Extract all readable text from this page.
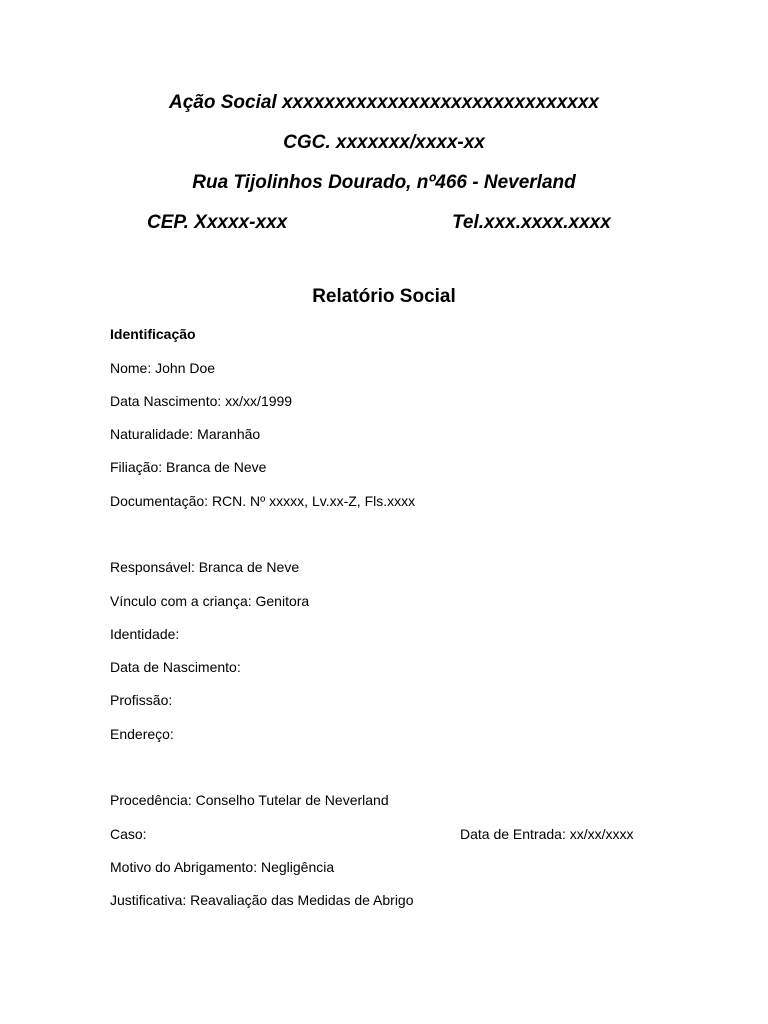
Ação Social xxxxxxxxxxxxxxxxxxxxxxxxxxxxxx
CGC. xxxxxxx/xxxx-xx
Rua Tijolinhos Dourado, nº466 - Neverland
CEP. Xxxxx-xxx	Tel.xxx.xxxx.xxxx
Relatório Social
Identificação
Nome: John Doe
Data Nascimento: xx/xx/1999
Naturalidade: Maranhão
Filiação: Branca de Neve
Documentação: RCN. Nº xxxxx, Lv.xx-Z, Fls.xxxx
Responsável: Branca de Neve
Vínculo com a criança: Genitora
Identidade:
Data de Nascimento:
Profissão:
Endereço:
Procedência: Conselho Tutelar de Neverland
Caso:	Data de Entrada: xx/xx/xxxx
Motivo do Abrigamento: Negligência
Justificativa: Reavaliação das Medidas de Abrigo
